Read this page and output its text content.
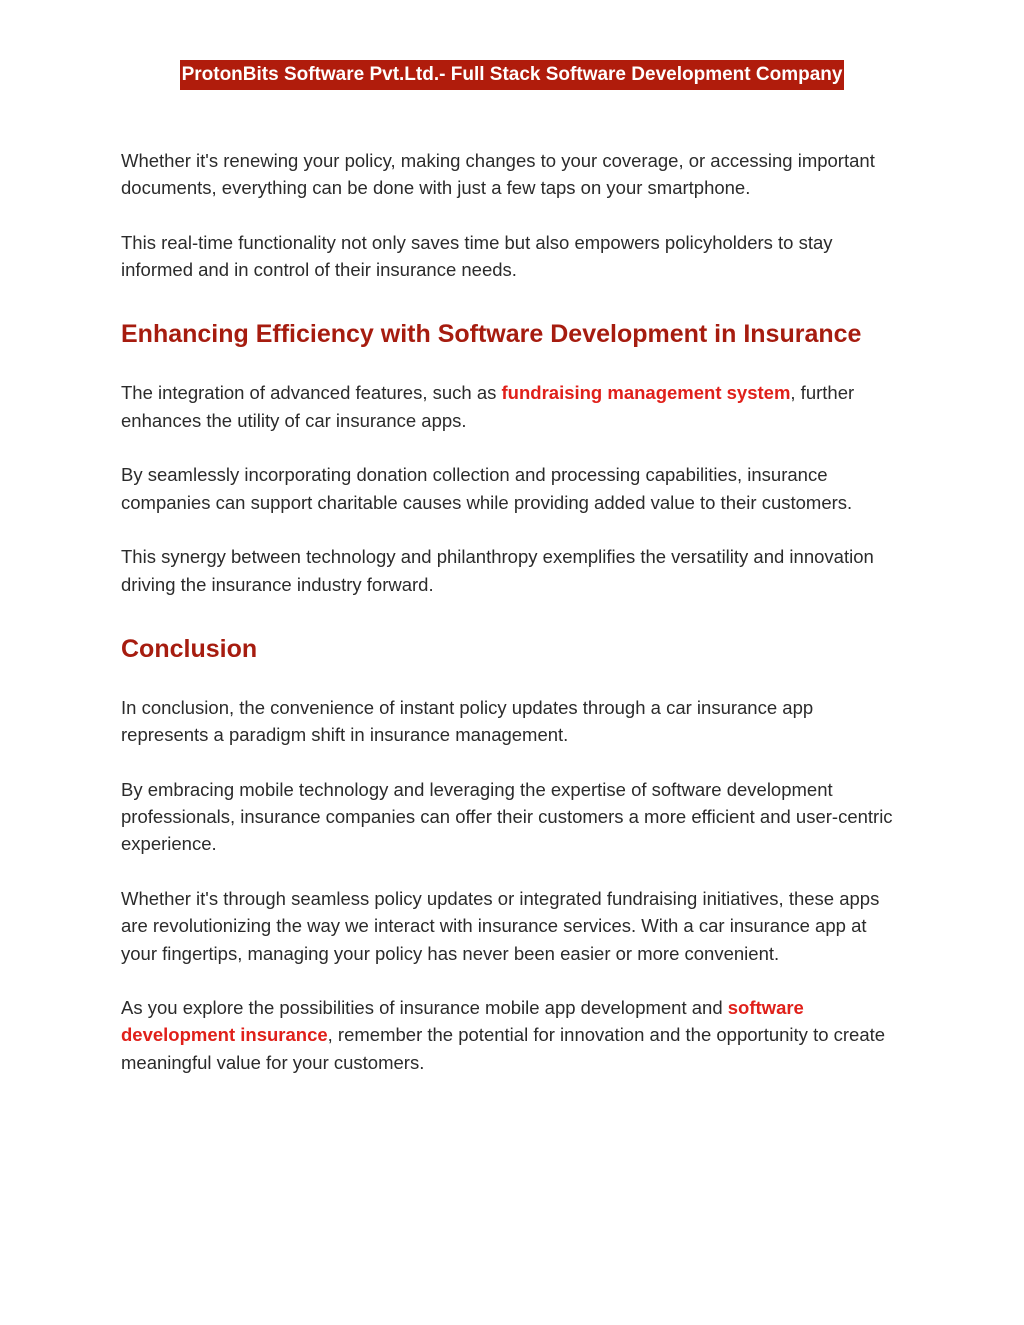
ProtonBits Software Pvt.Ltd.- Full Stack Software Development Company

Whether it's renewing your policy, making changes to your coverage, or accessing important documents, everything can be done with just a few taps on your smartphone.

This real-time functionality not only saves time but also empowers policyholders to stay informed and in control of their insurance needs.

Enhancing Efficiency with Software Development in Insurance

The integration of advanced features, such as fundraising management system, further enhances the utility of car insurance apps.

By seamlessly incorporating donation collection and processing capabilities, insurance companies can support charitable causes while providing added value to their customers.

This synergy between technology and philanthropy exemplifies the versatility and innovation driving the insurance industry forward.

Conclusion

In conclusion, the convenience of instant policy updates through a car insurance app represents a paradigm shift in insurance management.

By embracing mobile technology and leveraging the expertise of software development professionals, insurance companies can offer their customers a more efficient and user-centric experience.

Whether it's through seamless policy updates or integrated fundraising initiatives, these apps are revolutionizing the way we interact with insurance services. With a car insurance app at your fingertips, managing your policy has never been easier or more convenient.

As you explore the possibilities of insurance mobile app development and software development insurance, remember the potential for innovation and the opportunity to create meaningful value for your customers.
